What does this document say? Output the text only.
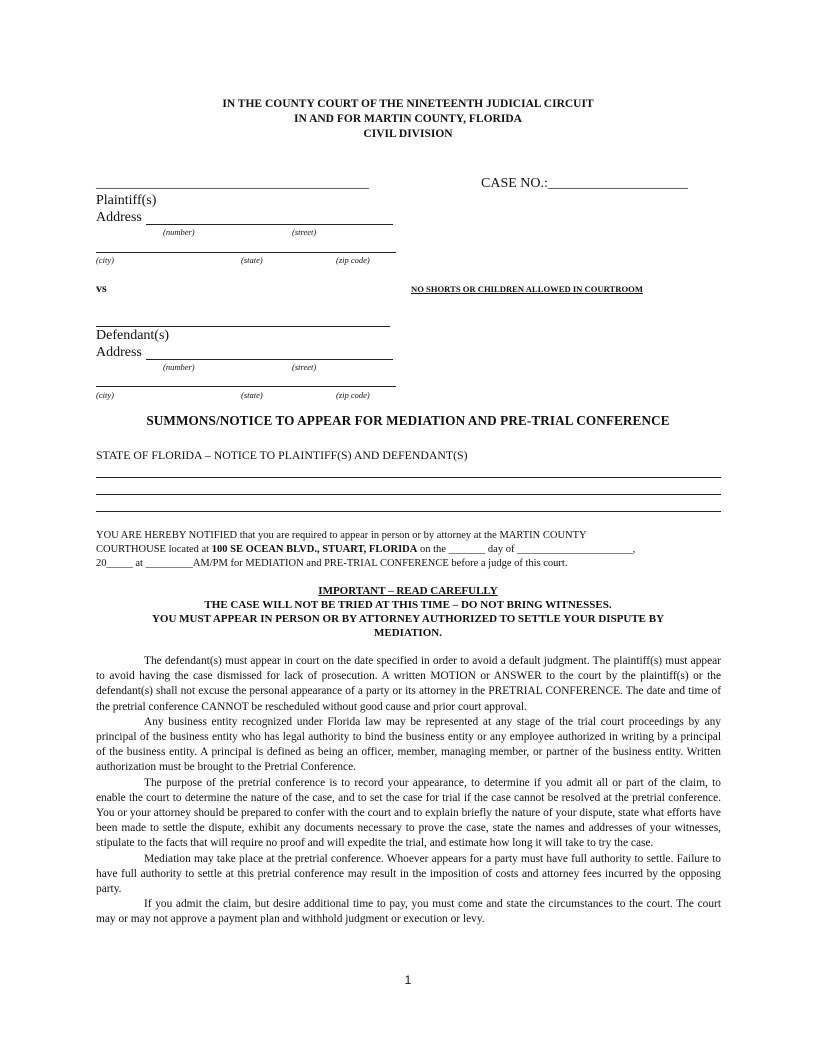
IN THE COUNTY COURT OF THE NINETEENTH JUDICIAL CIRCUIT
IN AND FOR MARTIN COUNTY, FLORIDA
CIVIL DIVISION
_______________________________________	CASE NO.:____________________
Plaintiff(s)
Address
(number)	(street)
(city)	(state)	(zip code)
vs	NO SHORTS OR CHILDREN ALLOWED IN COURTROOM
Defendant(s)
Address
(number)	(street)
(city)	(state)	(zip code)
SUMMONS/NOTICE TO APPEAR FOR MEDIATION AND PRE-TRIAL CONFERENCE
STATE OF FLORIDA – NOTICE TO PLAINTIFF(S) AND DEFENDANT(S)
YOU ARE HEREBY NOTIFIED that you are required to appear in person or by attorney at the MARTIN COUNTY
COURTHOUSE located at 100 SE OCEAN BLVD., STUART, FLORIDA on the _______ day of ______________________,
20_____ at _________AM/PM for MEDIATION and PRE-TRIAL CONFERENCE before a judge of this court.
IMPORTANT – READ CAREFULLY
THE CASE WILL NOT BE TRIED AT THIS TIME – DO NOT BRING WITNESSES.
YOU MUST APPEAR IN PERSON OR BY ATTORNEY AUTHORIZED TO SETTLE YOUR DISPUTE BY
MEDIATION.

The defendant(s) must appear in court on the date specified in order to avoid a default judgment. The plaintiff(s) must appear to avoid having the case dismissed for lack of prosecution. A written MOTION or ANSWER to the court by the plaintiff(s) or the defendant(s) shall not excuse the personal appearance of a party or its attorney in the PRETRIAL CONFERENCE. The date and time of the pretrial conference CANNOT be rescheduled without good cause and prior court approval.

Any business entity recognized under Florida law may be represented at any stage of the trial court proceedings by any principal of the business entity who has legal authority to bind the business entity or any employee authorized in writing by a principal of the business entity. A principal is defined as being an officer, member, managing member, or partner of the business entity. Written authorization must be brought to the Pretrial Conference.

The purpose of the pretrial conference is to record your appearance, to determine if you admit all or part of the claim, to enable the court to determine the nature of the case, and to set the case for trial if the case cannot be resolved at the pretrial conference. You or your attorney should be prepared to confer with the court and to explain briefly the nature of your dispute, state what efforts have been made to settle the dispute, exhibit any documents necessary to prove the case, state the names and addresses of your witnesses, stipulate to the facts that will require no proof and will expedite the trial, and estimate how long it will take to try the case.

Mediation may take place at the pretrial conference. Whoever appears for a party must have full authority to settle. Failure to have full authority to settle at this pretrial conference may result in the imposition of costs and attorney fees incurred by the opposing party.

If you admit the claim, but desire additional time to pay, you must come and state the circumstances to the court. The court may or may not approve a payment plan and withhold judgment or execution or levy.

1
